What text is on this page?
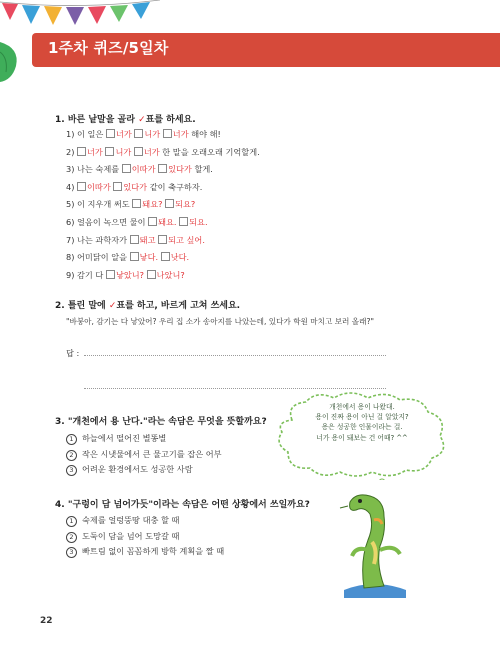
1주차 퀴즈/5일차
1. 바른 낱말을 골라 ✓표를 하세요.
1) 이 일은 너가 니가 너가 해야 해!
2) 너가 니가 너가 한 말을 오래오래 기억할게.
3) 나는 숙제를 이따가 있다가 할게.
4) 이따가 있다가 같이 축구하자.
5) 이 지우개 써도 돼요? 되요?
6) 얼음이 녹으면 물이 돼요. 되요.
7) 나는 과학자가 돼고 되고 싶어.
8) 어미닭이 알을 낳다. 낫다.
9) 감기 다 낳았니? 나았니?
2. 틀린 말에 ✓표를 하고, 바르게 고쳐 쓰세요.
"바붕아, 감기는 다 낳았어? 우리 집 소가 송아지를 나았는데, 있다가 학원 마치고 보러 올래?"
답 :
3. "개천에서 용 난다."라는 속담은 무엇을 뜻할까요?
1 하늘에서 떨어진 별똥별
2 작은 시냇물에서 큰 물고기를 잡은 어부
3 어려운 환경에서도 성공한 사람
개천에서 용이 나왔대.
용이 진짜 용이 아닌 걸 알았지?
용은 성공한 인물이라는 걸.
너가 용이 돼보는 건 어때? ^^
4. "구렁이 담 넘어가듯"이라는 속담은 어떤 상황에서 쓰일까요?
1 숙제를 얼렁뚱땅 대충 할 때
2 도둑이 담을 넘어 도망갈 때
3 빠트림 없이 꼼꼼하게 방학 계획을 짤 때
22
